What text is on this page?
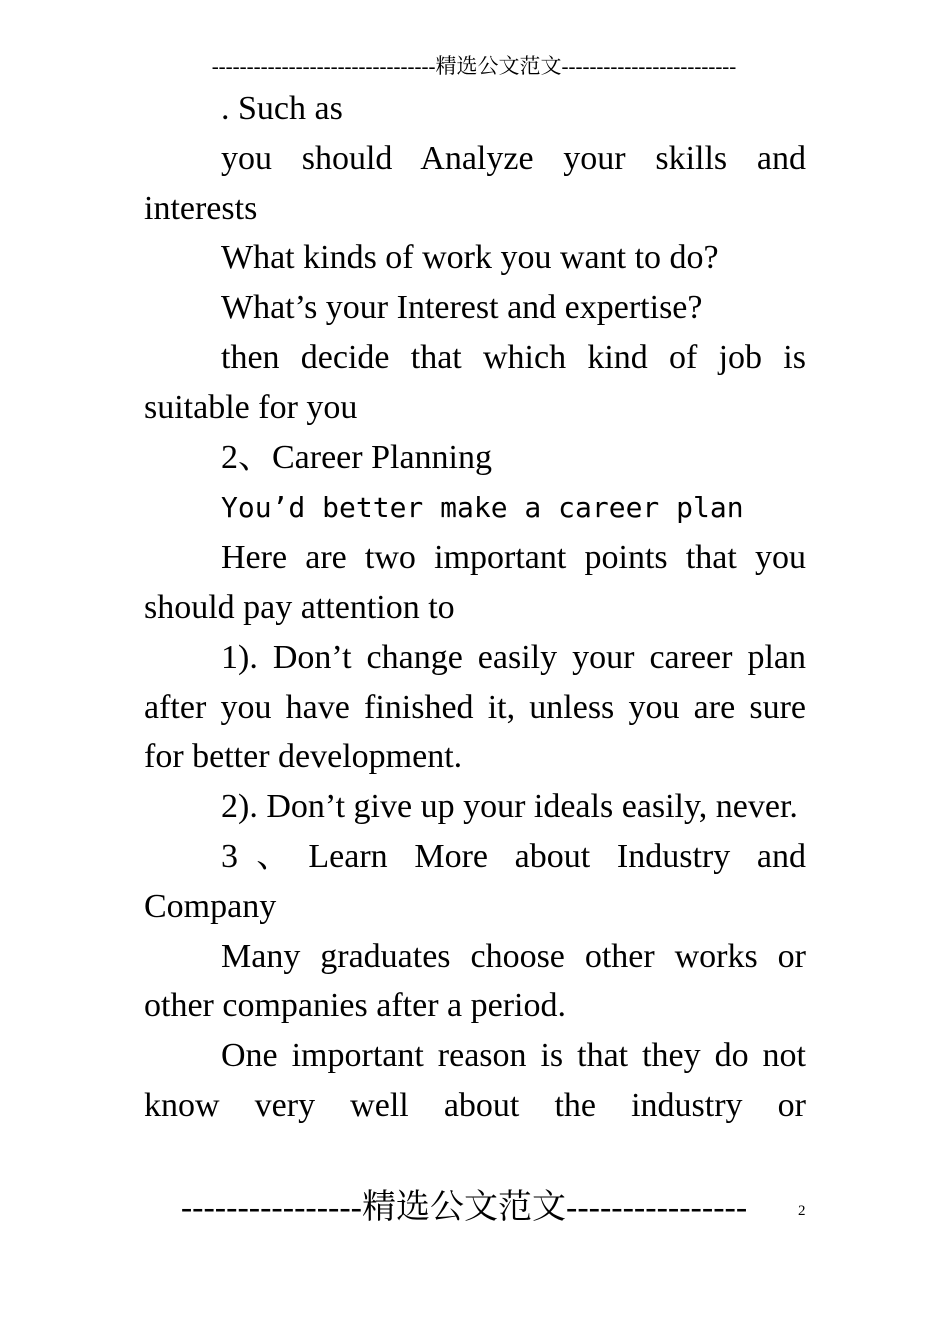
--------------------------------精选公文范文-------------------------

. Such as

you should Analyze your skills and interests

What kinds of work you want to do?

What’s your Interest and expertise?

then decide that which kind of job is suitable for you

2、Career Planning

You’d better make a career plan

Here are two important points that you should pay attention to

1). Don’t change easily your career plan after you have finished it, unless you are sure for better development.

2). Don’t give up your ideals easily, never.

3、Learn More about Industry and Company

Many graduates choose other works or other companies after a period.

One important reason is that they do not know very well about the industry or

----------------精选公文范文----------------	2
